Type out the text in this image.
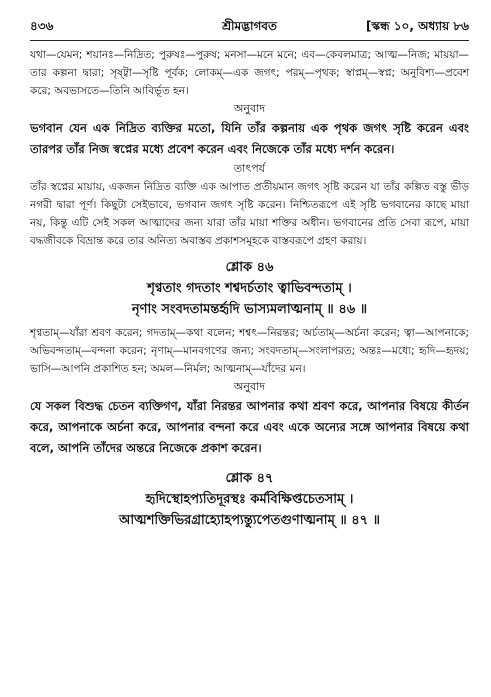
৪৩৬	শ্রীমদ্ভাগবত	[স্কন্ধ ১০, অধ্যায় ৮৬

যথা—যেমন; শয়ানঃ—নিদ্রিত; পুরুষঃ—পুরুষ; মনসা—মনে মনে; এব—কেবলমাত্র; আত্ম—নিজ; মায়য়া—তার কল্পনা দ্বারা; সৃষ্ট্বা—সৃষ্টি পূর্বক; লোকম্—এক জগৎ; পরম্—পৃথক; স্বাপ্নম্—স্বপ্ন; অনুবিশ্য—প্রবেশ করে; অবভাসতে—তিনি আবির্ভূত হন।

অনুবাদ

ভগবান যেন এক নিদ্রিত ব্যক্তির মতো, যিনি তাঁর কল্পনায় এক পৃথক জগৎ সৃষ্টি করেন এবং তারপর তাঁর নিজ স্বপ্নের মধ্যে প্রবেশ করেন এবং নিজেকে তাঁর মধ্যে দর্শন করেন।

তাৎপর্য

তাঁর স্বপ্নের মায়ায়, একজন নিদ্রিত ব্যক্তি এক আপাত প্রতীয়মান জগৎ সৃষ্টি করেন যা তাঁর কল্পিত বস্তু ভীড় নগরী দ্বারা পূর্ণ। কিছুটা সেইভাবে, ভগবান জগৎ সৃষ্টি করেন। নিশ্চিতরূপে এই সৃষ্টি ভগবানের কাছে মায়া নয়, কিন্তু এটি সেই সকল আত্মাদের জন্য যারা তাঁর মায়া শক্তির অধীন। ভগবানের প্রতি সেবা রূপে, মায়া বদ্ধজীবকে বিভ্রান্ত করে তার অনিত্য অবাস্তব প্রকাশসমূহকে বাস্তবরূপে গ্রহণ করায়।

শ্লোক ৪৬
শৃণ্বতাং গদতাং শশ্বদর্চতাং ত্বাভিবন্দতাম্ ।
নৃণাং সংবদতামন্তর্হৃদি ভাস্যমলাত্মনাম্ ॥ ৪৬ ॥

শৃণ্বতাম্—যাঁরা শ্রবণ করেন; গদতাম্—কথা বলেন; শশ্বৎ—নিরন্তর; অর্চতাম্—অর্চনা করেন; ত্বা—আপনাকে; অভিবন্দতাম্—বন্দনা করেন; নৃণাম্—মানবগণের জন্য; সংবদতাম্—সংলাপরত; অন্তঃ—মধ্যে; হৃদি—হৃদয়; ভাসি—আপনি প্রকাশিত হন; অমল—নির্মল; আত্মনাম্—যাঁদের মন।

অনুবাদ

যে সকল বিশুদ্ধ চেতন ব্যক্তিগণ, যাঁরা নিরন্তর আপনার কথা শ্রবণ করে, আপনার বিষয়ে কীর্তন করে, আপনাকে অর্চনা করে, আপনার বন্দনা করে এবং একে অন্যের সঙ্গে আপনার বিষয়ে কথা বলে, আপনি তাঁদের অন্তরে নিজেকে প্রকাশ করেন।

শ্লোক ৪৭
হৃদিস্থোহপ্যতিদূরস্থঃ কর্মবিক্ষিপ্তচেতসাম্ ।
আত্মশক্তিভিরগ্রাহ্যোহপ্যন্ত্যুপেতগুণাত্মনাম্ ॥ ৪৭ ॥
